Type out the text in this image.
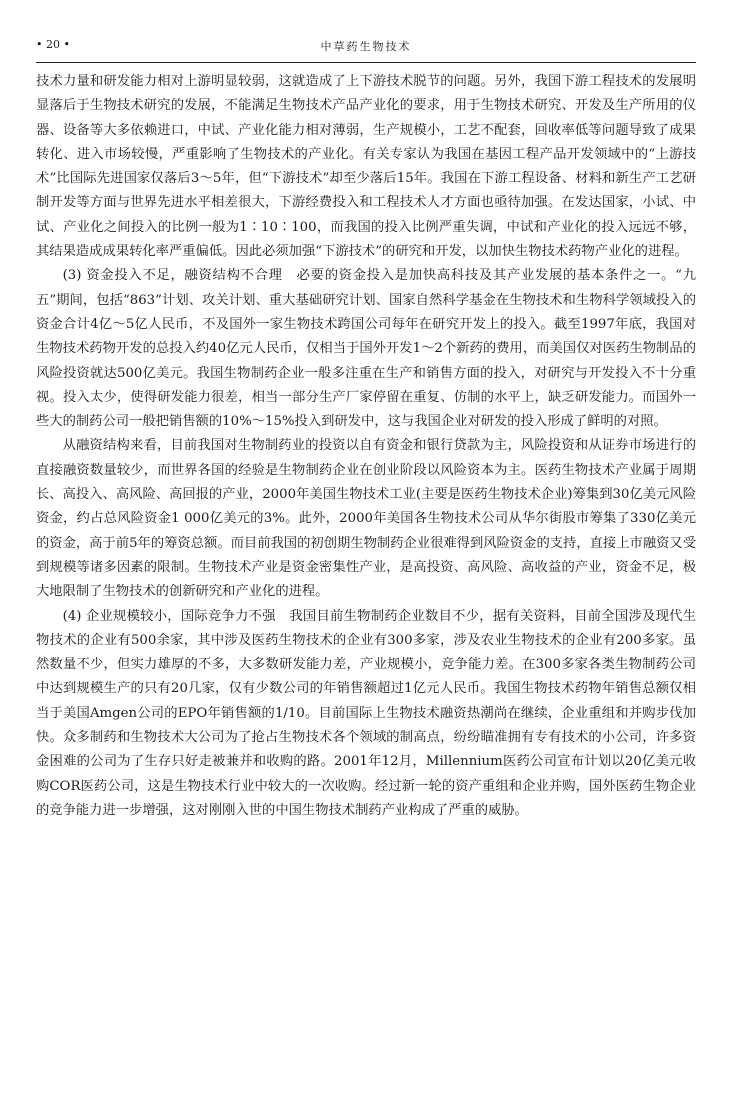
• 20 •	中草药生物技术

技术力量和研发能力相对上游明显较弱，这就造成了上下游技术脱节的问题。另外，我国下游工程技术的发展明显落后于生物技术研究的发展，不能满足生物技术产品产业化的要求，用于生物技术研究、开发及生产所用的仪器、设备等大多依赖进口，中试、产业化能力相对薄弱，生产规模小，工艺不配套，回收率低等问题导致了成果转化、进入市场较慢，严重影响了生物技术的产业化。有关专家认为我国在基因工程产品开发领域中的“上游技术”比国际先进国家仅落后3～5年，但“下游技术”却至少落后15年。我国在下游工程设备、材料和新生产工艺研制开发等方面与世界先进水平相差很大，下游经费投入和工程技术人才方面也亟待加强。在发达国家，小试、中试、产业化之间投入的比例一般为1∶10∶100，而我国的投入比例严重失调，中试和产业化的投入远远不够，其结果造成成果转化率严重偏低。因此必须加强“下游技术”的研究和开发，以加快生物技术药物产业化的进程。

(3) 资金投入不足，融资结构不合理　必要的资金投入是加快高科技及其产业发展的基本条件之一。“九五”期间，包括“863”计划、攻关计划、重大基础研究计划、国家自然科学基金在生物技术和生物科学领域投入的资金合计4亿～5亿人民币，不及国外一家生物技术跨国公司每年在研究开发上的投入。截至1997年底，我国对生物技术药物开发的总投入约40亿元人民币，仅相当于国外开发1～2个新药的费用，而美国仅对医药生物制品的风险投资就达500亿美元。我国生物制药企业一般多注重在生产和销售方面的投入，对研究与开发投入不十分重视。投入太少，使得研发能力很差，相当一部分生产厂家停留在重复、仿制的水平上，缺乏研发能力。而国外一些大的制药公司一般把销售额的10%～15%投入到研发中，这与我国企业对研发的投入形成了鲜明的对照。

从融资结构来看，目前我国对生物制药业的投资以自有资金和银行贷款为主，风险投资和从证券市场进行的直接融资数量较少，而世界各国的经验是生物制药企业在创业阶段以风险资本为主。医药生物技术产业属于周期长、高投入、高风险、高回报的产业，2000年美国生物技术工业(主要是医药生物技术企业)筹集到30亿美元风险资金，约占总风险资金1 000亿美元的3%。此外，2000年美国各生物技术公司从华尔街股市筹集了330亿美元的资金，高于前5年的筹资总额。而目前我国的初创期生物制药企业很难得到风险资金的支持，直接上市融资又受到规模等诸多因素的限制。生物技术产业是资金密集性产业，是高投资、高风险、高收益的产业，资金不足，极大地限制了生物技术的创新研究和产业化的进程。

(4) 企业规模较小，国际竞争力不强　我国目前生物制药企业数目不少，据有关资料，目前全国涉及现代生物技术的企业有500余家，其中涉及医药生物技术的企业有300多家，涉及农业生物技术的企业有200多家。虽然数量不少，但实力雄厚的不多，大多数研发能力差，产业规模小，竞争能力差。在300多家各类生物制药公司中达到规模生产的只有20几家，仅有少数公司的年销售额超过1亿元人民币。我国生物技术药物年销售总额仅相当于美国Amgen公司的EPO年销售额的1/10。目前国际上生物技术融资热潮尚在继续，企业重组和并购步伐加快。众多制药和生物技术大公司为了抢占生物技术各个领域的制高点，纷纷瞄准拥有专有技术的小公司，许多资金困难的公司为了生存只好走被兼并和收购的路。2001年12月，Millennium医药公司宣布计划以20亿美元收购COR医药公司，这是生物技术行业中较大的一次收购。经过新一轮的资产重组和企业并购，国外医药生物企业的竞争能力进一步增强，这对刚刚入世的中国生物技术制药产业构成了严重的威胁。
